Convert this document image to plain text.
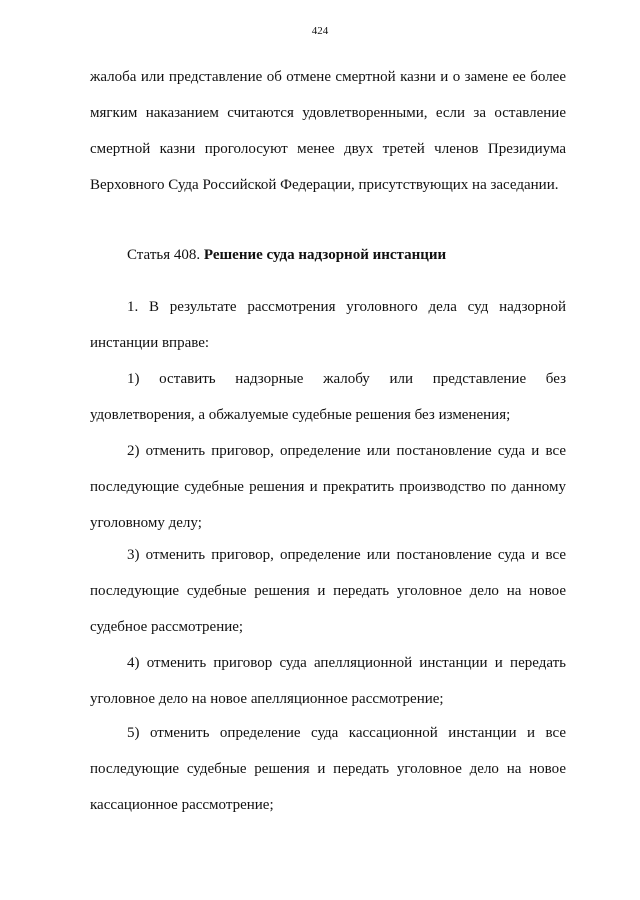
424
жалоба или представление об отмене смертной казни и о замене ее более
мягким наказанием считаются удовлетворенными, если за оставление
смертной казни проголосуют менее двух третей членов Президиума
Верховного Суда Российской Федерации, присутствующих на заседании.
Статья 408. Решение суда надзорной инстанции
1. В результате рассмотрения уголовного дела суд надзорной
инстанции вправе:
1) оставить надзорные жалобу или представление без
удовлетворения, а обжалуемые судебные решения без изменения;
2) отменить приговор, определение или постановление суда и все
последующие судебные решения и прекратить производство по данному
уголовному делу;
3) отменить приговор, определение или постановление суда и все
последующие судебные решения и передать уголовное дело на новое
судебное рассмотрение;
4) отменить приговор суда апелляционной инстанции и передать
уголовное дело на новое апелляционное рассмотрение;
5) отменить определение суда кассационной инстанции и все
последующие судебные решения и передать уголовное дело на новое
кассационное рассмотрение;
